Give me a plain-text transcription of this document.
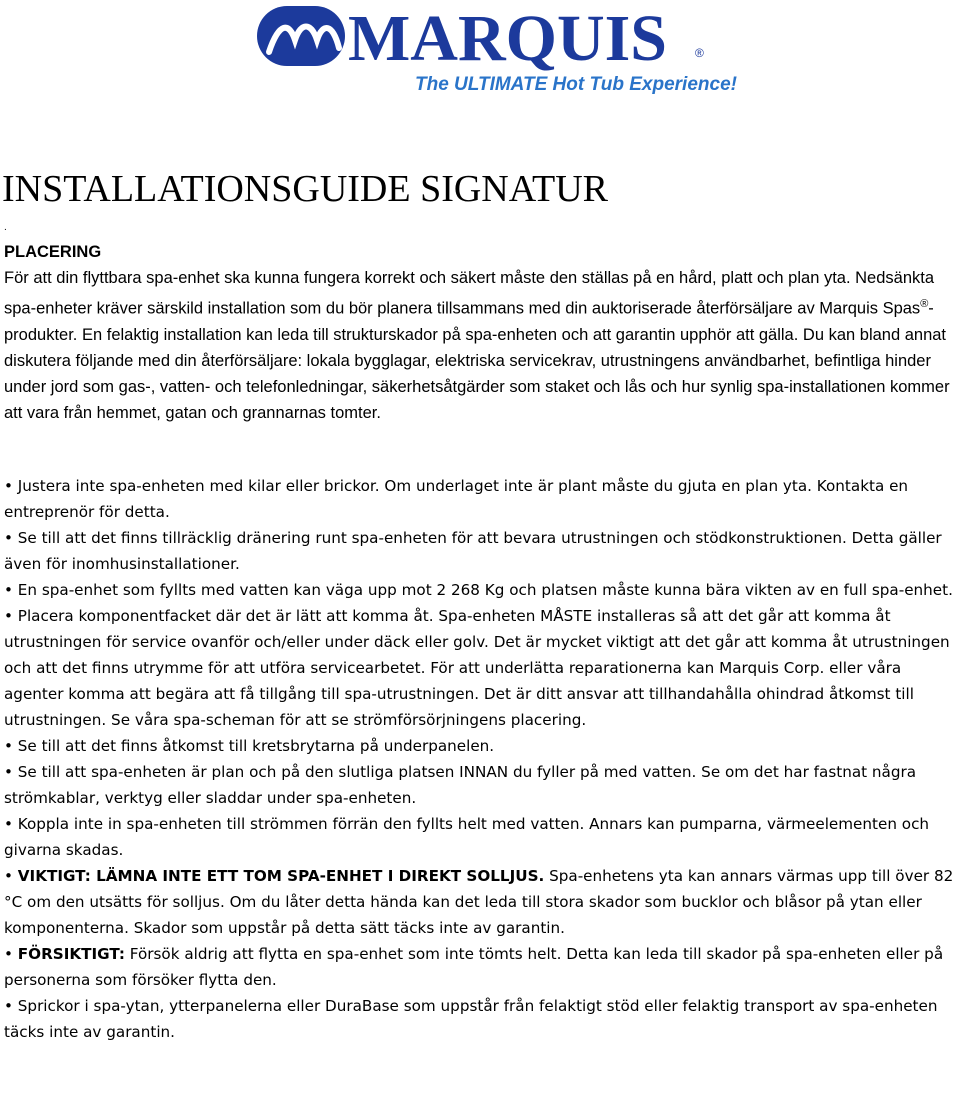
MARQUIS ®
The ULTIMATE Hot Tub Experience!
INSTALLATIONSGUIDE SIGNATUR
.
PLACERING

För att din flyttbara spa-enhet ska kunna fungera korrekt och säkert måste den ställas på en hård, platt och plan yta. Nedsänkta spa-enheter kräver särskild installation som du bör planera tillsammans med din auktoriserade återförsäljare av Marquis Spas®-produkter. En felaktig installation kan leda till strukturskador på spa-enheten och att garantin upphör att gälla. Du kan bland annat diskutera följande med din återförsäljare: lokala bygglagar, elektriska servicekrav, utrustningens användbarhet, befintliga hinder under jord som gas-, vatten- och telefonledningar, säkerhetsåtgärder som staket och lås och hur synlig spa-installationen kommer att vara från hemmet, gatan och grannarnas tomter.

• Justera inte spa-enheten med kilar eller brickor. Om underlaget inte är plant måste du gjuta en plan yta. Kontakta en entreprenör för detta.

• Se till att det finns tillräcklig dränering runt spa-enheten för att bevara utrustningen och stödkonstruktionen. Detta gäller även för inomhusinstallationer.

• En spa-enhet som fyllts med vatten kan väga upp mot 2 268 Kg och platsen måste kunna bära vikten av en full spa-enhet.

• Placera komponentfacket där det är lätt att komma åt. Spa-enheten MÅSTE installeras så att det går att komma åt utrustningen för service ovanför och/eller under däck eller golv. Det är mycket viktigt att det går att komma åt utrustningen och att det finns utrymme för att utföra servicearbetet. För att underlätta reparationerna kan Marquis Corp. eller våra agenter komma att begära att få tillgång till spa-utrustningen. Det är ditt ansvar att tillhandahålla ohindrad åtkomst till utrustningen. Se våra spa-scheman för att se strömförsörjningens placering.

• Se till att det finns åtkomst till kretsbrytarna på underpanelen.

• Se till att spa-enheten är plan och på den slutliga platsen INNAN du fyller på med vatten. Se om det har fastnat några strömkablar, verktyg eller sladdar under spa-enheten.

• Koppla inte in spa-enheten till strömmen förrän den fyllts helt med vatten. Annars kan pumparna, värmeelementen och givarna skadas.

• VIKTIGT: LÄMNA INTE ETT TOM SPA-ENHET I DIREKT SOLLJUS. Spa-enhetens yta kan annars värmas upp till över 82 °C om den utsätts för solljus. Om du låter detta hända kan det leda till stora skador som bucklor och blåsor på ytan eller komponenterna. Skador som uppstår på detta sätt täcks inte av garantin.

• FÖRSIKTIGT: Försök aldrig att flytta en spa-enhet som inte tömts helt. Detta kan leda till skador på spa-enheten eller på personerna som försöker flytta den.

• Sprickor i spa-ytan, ytterpanelerna eller DuraBase som uppstår från felaktigt stöd eller felaktig transport av spa-enheten täcks inte av garantin.
